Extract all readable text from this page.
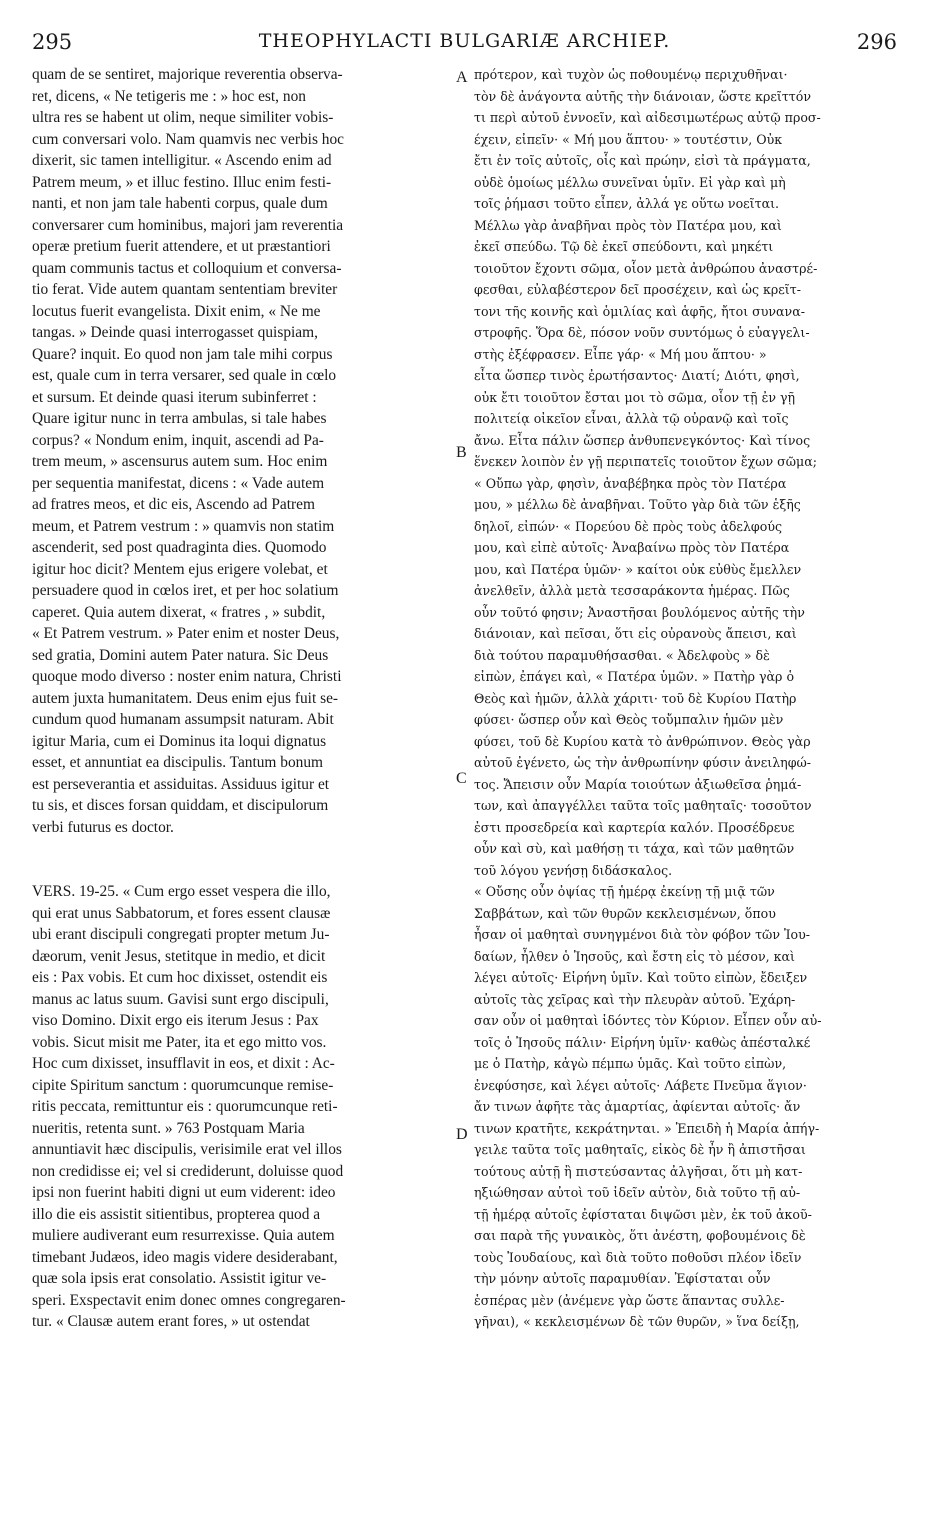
295	THEOPHYLACTI BULGARIÆ ARCHIEP.	296
quam de se sentiret, majorique reverentia observa-
ret, dicens, « Ne tetigeris me : » hoc est, non
ultra res se habent ut olim, neque similiter vobis-
cum conversari volo. Nam quamvis nec verbis hoc
dixerit, sic tamen intelligitur. « Ascendo enim ad
Patrem meum, » et illuc festino. Illuc enim festi-
nanti, et non jam tale habenti corpus, quale dum
conversarer cum hominibus, majori jam reverentia
operæ pretium fuerit attendere, et ut præstantiori
quam communis tactus et colloquium et conversa-
tio ferat. Vide autem quantam sententiam breviter
locutus fuerit evangelista. Dixit enim, « Ne me
tangas. » Deinde quasi interrogasset quispiam,
Quare? inquit. Eo quod non jam tale mihi corpus
est, quale cum in terra versarer, sed quale in cœlo
et sursum. Et deinde quasi iterum subinferret :
Quare igitur nunc in terra ambulas, si tale habes
corpus? « Nondum enim, inquit, ascendi ad Pa-
trem meum, » ascensurus autem sum. Hoc enim
per sequentia manifestat, dicens : « Vade autem
ad fratres meos, et dic eis, Ascendo ad Patrem
meum, et Patrem vestrum : » quamvis non statim
ascenderit, sed post quadraginta dies. Quomodo
igitur hoc dicit? Mentem ejus erigere volebat, et
persuadere quod in cœlos iret, et per hoc solatium
caperet. Quia autem dixerat, « fratres , » subdit,
« Et Patrem vestrum. » Pater enim et noster Deus,
sed gratia, Domini autem Pater natura. Sic Deus
quoque modo diverso : noster enim natura, Christi
autem juxta humanitatem. Deus enim ejus fuit se-
cundum quod humanam assumpsit naturam. Abit
igitur Maria, cum ei Dominus ita loqui dignatus
esset, et annuntiat ea discipulis. Tantum bonum
est perseverantia et assiduitas. Assiduus igitur et
tu sis, et disces forsan quiddam, et discipulorum
verbi futurus es doctor.
VERS. 19-25. « Cum ergo esset vespera die illo,
qui erat unus Sabbatorum, et fores essent clausæ
ubi erant discipuli congregati propter metum Ju-
dæorum, venit Jesus, stetitque in medio, et dicit
eis : Pax vobis. Et cum hoc dixisset, ostendit eis
manus ac latus suum. Gavisi sunt ergo discipuli,
viso Domino. Dixit ergo eis iterum Jesus : Pax
vobis. Sicut misit me Pater, ita et ego mitto vos.
Hoc cum dixisset, insufflavit in eos, et dixit : Ac-
cipite Spiritum sanctum : quorumcunque remise-
ritis peccata, remittuntur eis : quorumcunque reti-
nueritis, retenta sunt. » 763 Postquam Maria
annuntiavit hæc discipulis, verisimile erat vel illos
non credidisse ei; vel si crediderunt, doluisse quod
ipsi non fuerint habiti digni ut eum viderent: ideo
illo die eis assistit sitientibus, propterea quod a
muliere audiverant eum resurrexisse. Quia autem
timebant Judæos, ideo magis videre desiderabant,
quæ sola ipsis erat consolatio. Assistit igitur ve-
speri. Exspectavit enim donec omnes congregaren-
tur. « Clausæ autem erant fores, » ut ostendat
πρότερον, καὶ τυχὸν ὡς ποθουμένῳ περιχυθῆναι·
τὸν δὲ ἀνάγοντα αὐτῆς τὴν διάνοιαν, ὥστε κρεῖττόν
τι περὶ αὐτοῦ ἐννοεῖν, καὶ αἰδεσιμωτέρως αὐτῷ προσ-
έχειν, εἰπεῖν· « Μή μου ἅπτου· » τουτέστιν, Οὐκ
ἔτι ἐν τοῖς αὐτοῖς, οἷς καὶ πρώην, εἰσὶ τὰ πράγματα,
οὐδὲ ὁμοίως μέλλω συνεῖναι ὑμῖν. Εἰ γὰρ καὶ μὴ
τοῖς ῥήμασι τοῦτο εἶπεν, ἀλλά γε οὕτω νοεῖται.
Μέλλω γὰρ ἀναβῆναι πρὸς τὸν Πατέρα μου, καὶ
ἐκεῖ σπεύδω. Τῷ δὲ ἐκεῖ σπεύδοντι, καὶ μηκέτι
τοιοῦτον ἔχοντι σῶμα, οἷον μετὰ ἀνθρώπου ἀναστρέ-
φεσθαι, εὐλαβέστερον δεῖ προσέχειν, καὶ ὡς κρεῖτ-
τονι τῆς κοινῆς καὶ ὁμιλίας καὶ ἁφῆς, ἤτοι συνανα-
στροφῆς. Ὅρα δὲ, πόσον νοῦν συντόμως ὁ εὐαγγελι-
στὴς ἐξέφρασεν. Εἶπε γάρ· « Μή μου ἅπτου· »
εἶτα ὥσπερ τινὸς ἐρωτήσαντος· Διατί; Διότι, φησὶ,
οὐκ ἔτι τοιοῦτον ἔσται μοι τὸ σῶμα, οἷον τῇ ἐν γῇ
πολιτείᾳ οἰκεῖον εἶναι, ἀλλὰ τῷ οὐρανῷ καὶ τοῖς
ἄνω. Εἶτα πάλιν ὥσπερ ἀνθυπενεγκόντος· Καὶ τίνος
ἕνεκεν λοιπὸν ἐν γῇ περιπατεῖς τοιοῦτον ἔχων σῶμα;
« Οὔπω γὰρ, φησὶν, ἀναβέβηκα πρὸς τὸν Πατέρα
μου, » μέλλω δὲ ἀναβῆναι. Τοῦτο γὰρ διὰ τῶν ἑξῆς
δηλοῖ, εἰπών· « Πορεύου δὲ πρὸς τοὺς ἀδελφούς
μου, καὶ εἰπὲ αὐτοῖς· Ἀναβαίνω πρὸς τὸν Πατέρα
μου, καὶ Πατέρα ὑμῶν· » καίτοι οὐκ εὐθὺς ἔμελλεν
ἀνελθεῖν, ἀλλὰ μετὰ τεσσαράκοντα ἡμέρας. Πῶς
οὖν τοῦτό φησιν; Ἀναστῆσαι βουλόμενος αὐτῆς τὴν
διάνοιαν, καὶ πεῖσαι, ὅτι εἰς οὐρανοὺς ἄπεισι, καὶ
διὰ τούτου παραμυθήσασθαι. « Ἀδελφοὺς » δὲ
εἰπὼν, ἐπάγει καὶ, « Πατέρα ὑμῶν. » Πατὴρ γὰρ ὁ
Θεὸς καὶ ἡμῶν, ἀλλὰ χάριτι· τοῦ δὲ Κυρίου Πατὴρ
φύσει· ὥσπερ οὖν καὶ Θεὸς τοὔμπαλιν ἡμῶν μὲν
φύσει, τοῦ δὲ Κυρίου κατὰ τὸ ἀνθρώπινον. Θεὸς γὰρ
αὐτοῦ ἐγένετο, ὡς τὴν ἀνθρωπίνην φύσιν ἀνειληφώ-
τος. Ἄπεισιν οὖν Μαρία τοιούτων ἀξιωθεῖσα ῥημά-
των, καὶ ἀπαγγέλλει ταῦτα τοῖς μαθηταῖς· τοσοῦτον
ἐστι προσεδρεία καὶ καρτερία καλόν. Προσέδρευε
οὖν καὶ σὺ, καὶ μαθήσῃ τι τάχα, καὶ τῶν μαθητῶν
τοῦ λόγου γενήσῃ διδάσκαλος.
« Οὔσης οὖν ὀψίας τῇ ἡμέρᾳ ἐκείνῃ τῇ μιᾷ τῶν
Σαββάτων, καὶ τῶν θυρῶν κεκλεισμένων, ὅπου
ἦσαν οἱ μαθηταὶ συνηγμένοι διὰ τὸν φόβον τῶν Ἰου-
δαίων, ἦλθεν ὁ Ἰησοῦς, καὶ ἔστη εἰς τὸ μέσον, καὶ
λέγει αὐτοῖς· Εἰρήνη ὑμῖν. Καὶ τοῦτο εἰπὼν, ἔδειξεν
αὐτοῖς τὰς χεῖρας καὶ τὴν πλευρὰν αὐτοῦ. Ἐχάρη-
σαν οὖν οἱ μαθηταὶ ἰδόντες τὸν Κύριον. Εἶπεν οὖν αὐ-
τοῖς ὁ Ἰησοῦς πάλιν· Εἰρήνη ὑμῖν· καθὼς ἀπέσταλκέ
με ὁ Πατὴρ, κἀγὼ πέμπω ὑμᾶς. Καὶ τοῦτο εἰπὼν,
ἐνεφύσησε, καὶ λέγει αὐτοῖς· Λάβετε Πνεῦμα ἅγιον·
ἄν τινων ἀφῆτε τὰς ἁμαρτίας, ἀφίενται αὐτοῖς· ἄν
τινων κρατῆτε, κεκράτηνται. » Ἐπειδὴ ἡ Μαρία ἀπήγ-
γειλε ταῦτα τοῖς μαθηταῖς, εἰκὸς δὲ ἦν ἢ ἀπιστῆσαι
τούτους αὐτῇ ἢ πιστεύσαντας ἀλγῆσαι, ὅτι μὴ κατ-
ηξιώθησαν αὐτοὶ τοῦ ἰδεῖν αὐτὸν, διὰ τοῦτο τῇ αὐ-
τῇ ἡμέρᾳ αὐτοῖς ἐφίσταται διψῶσι μὲν, ἐκ τοῦ ἀκοῦ-
σαι παρὰ τῆς γυναικὸς, ὅτι ἀνέστη, φοβουμένοις δὲ
τοὺς Ἰουδαίους, καὶ διὰ τοῦτο ποθοῦσι πλέον ἰδεῖν
τὴν μόνην αὐτοῖς παραμυθίαν. Ἐφίσταται οὖν
ἑσπέρας μὲν (ἀνέμενε γὰρ ὥστε ἅπαντας συλλε-
γῆναι), « κεκλεισμένων δὲ τῶν θυρῶν, » ἵνα δείξῃ,
A
B
C
D
